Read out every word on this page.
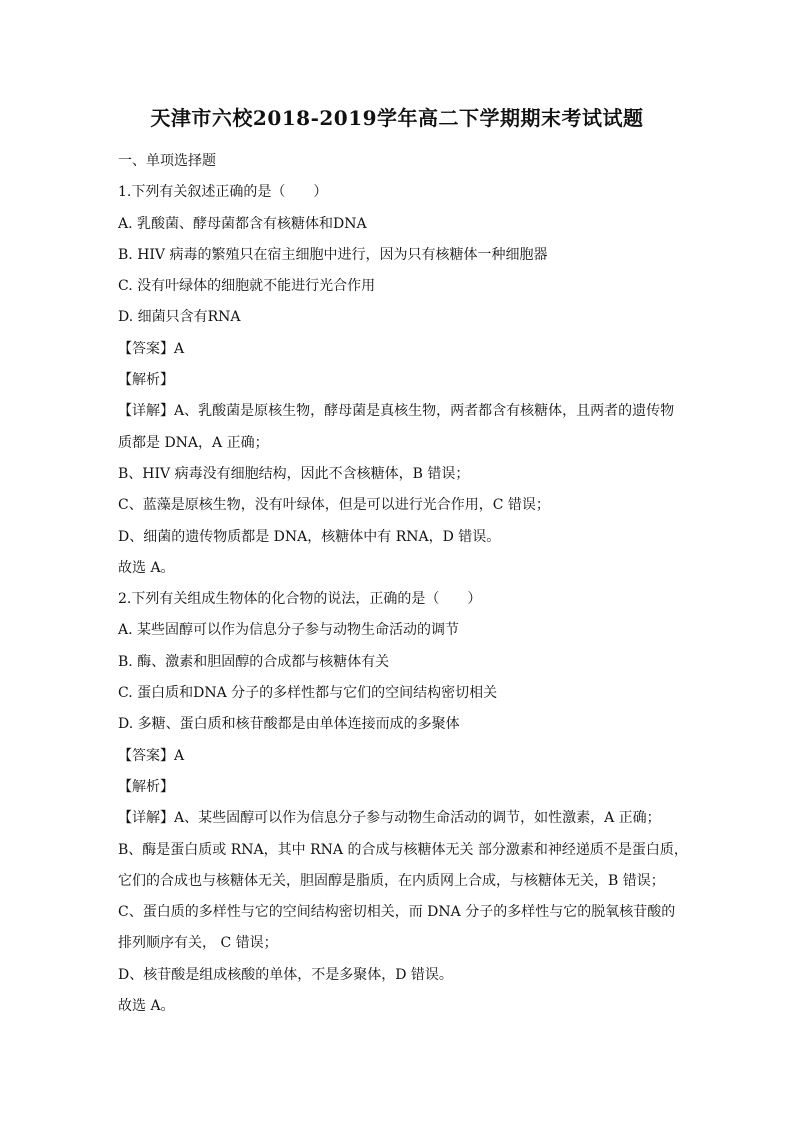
天津市六校2018-2019学年高二下学期期末考试试题
一、单项选择题
1.下列有关叙述正确的是（　　）
A. 乳酸菌、酵母菌都含有核糖体和DNA
B. HIV 病毒的繁殖只在宿主细胞中进行，因为只有核糖体一种细胞器
C. 没有叶绿体的细胞就不能进行光合作用
D. 细菌只含有RNA
【答案】A
【解析】
【详解】A、乳酸菌是原核生物，酵母菌是真核生物，两者都含有核糖体，且两者的遗传物
质都是 DNA，A 正确；
B、HIV 病毒没有细胞结构，因此不含核糖体，B 错误；
C、蓝藻是原核生物，没有叶绿体，但是可以进行光合作用，C 错误；
D、细菌的遗传物质都是 DNA，核糖体中有 RNA，D 错误。
故选 A。
2.下列有关组成生物体的化合物的说法，正确的是（　　）
A. 某些固醇可以作为信息分子参与动物生命活动的调节
B. 酶、激素和胆固醇的合成都与核糖体有关
C. 蛋白质和DNA 分子的多样性都与它们的空间结构密切相关
D. 多糖、蛋白质和核苷酸都是由单体连接而成的多聚体
【答案】A
【解析】
【详解】A、某些固醇可以作为信息分子参与动物生命活动的调节，如性激素，A 正确；
B、酶是蛋白质或 RNA，其中 RNA 的合成与核糖体无关 部分激素和神经递质不是蛋白质，
它们的合成也与核糖体无关，胆固醇是脂质，在内质网上合成，与核糖体无关，B 错误；
C、蛋白质的多样性与它的空间结构密切相关，而 DNA 分子的多样性与它的脱氧核苷酸的
排列顺序有关， C 错误；
D、核苷酸是组成核酸的单体，不是多聚体，D 错误。
故选 A。
